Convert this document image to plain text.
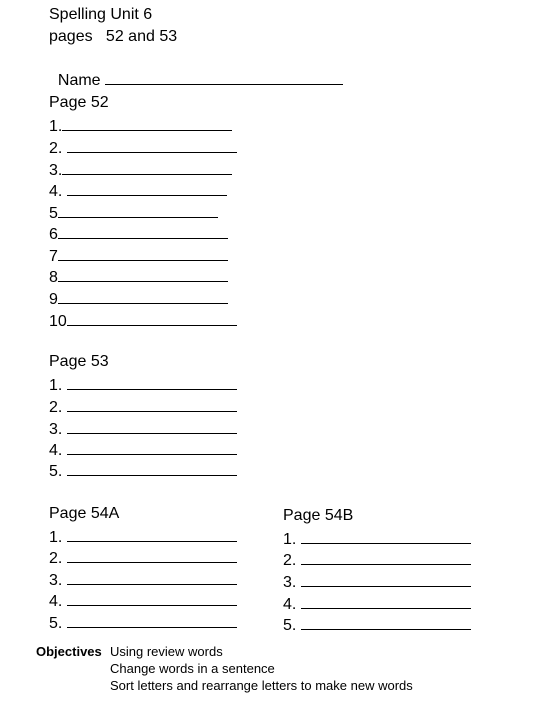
Spelling Unit 6
pages   52 and 53

Name

Page 52
1.
2.
3.
4.
5
6
7
8
9
10
Page 53
1.
2.
3.
4.
5.
Page 54A
1.
2.
3.
4.
5.
Page 54B
1.
2.
3.
4.
5.
Objectives Using review words
Change words in a sentence
Sort letters and rearrange letters to make new words
